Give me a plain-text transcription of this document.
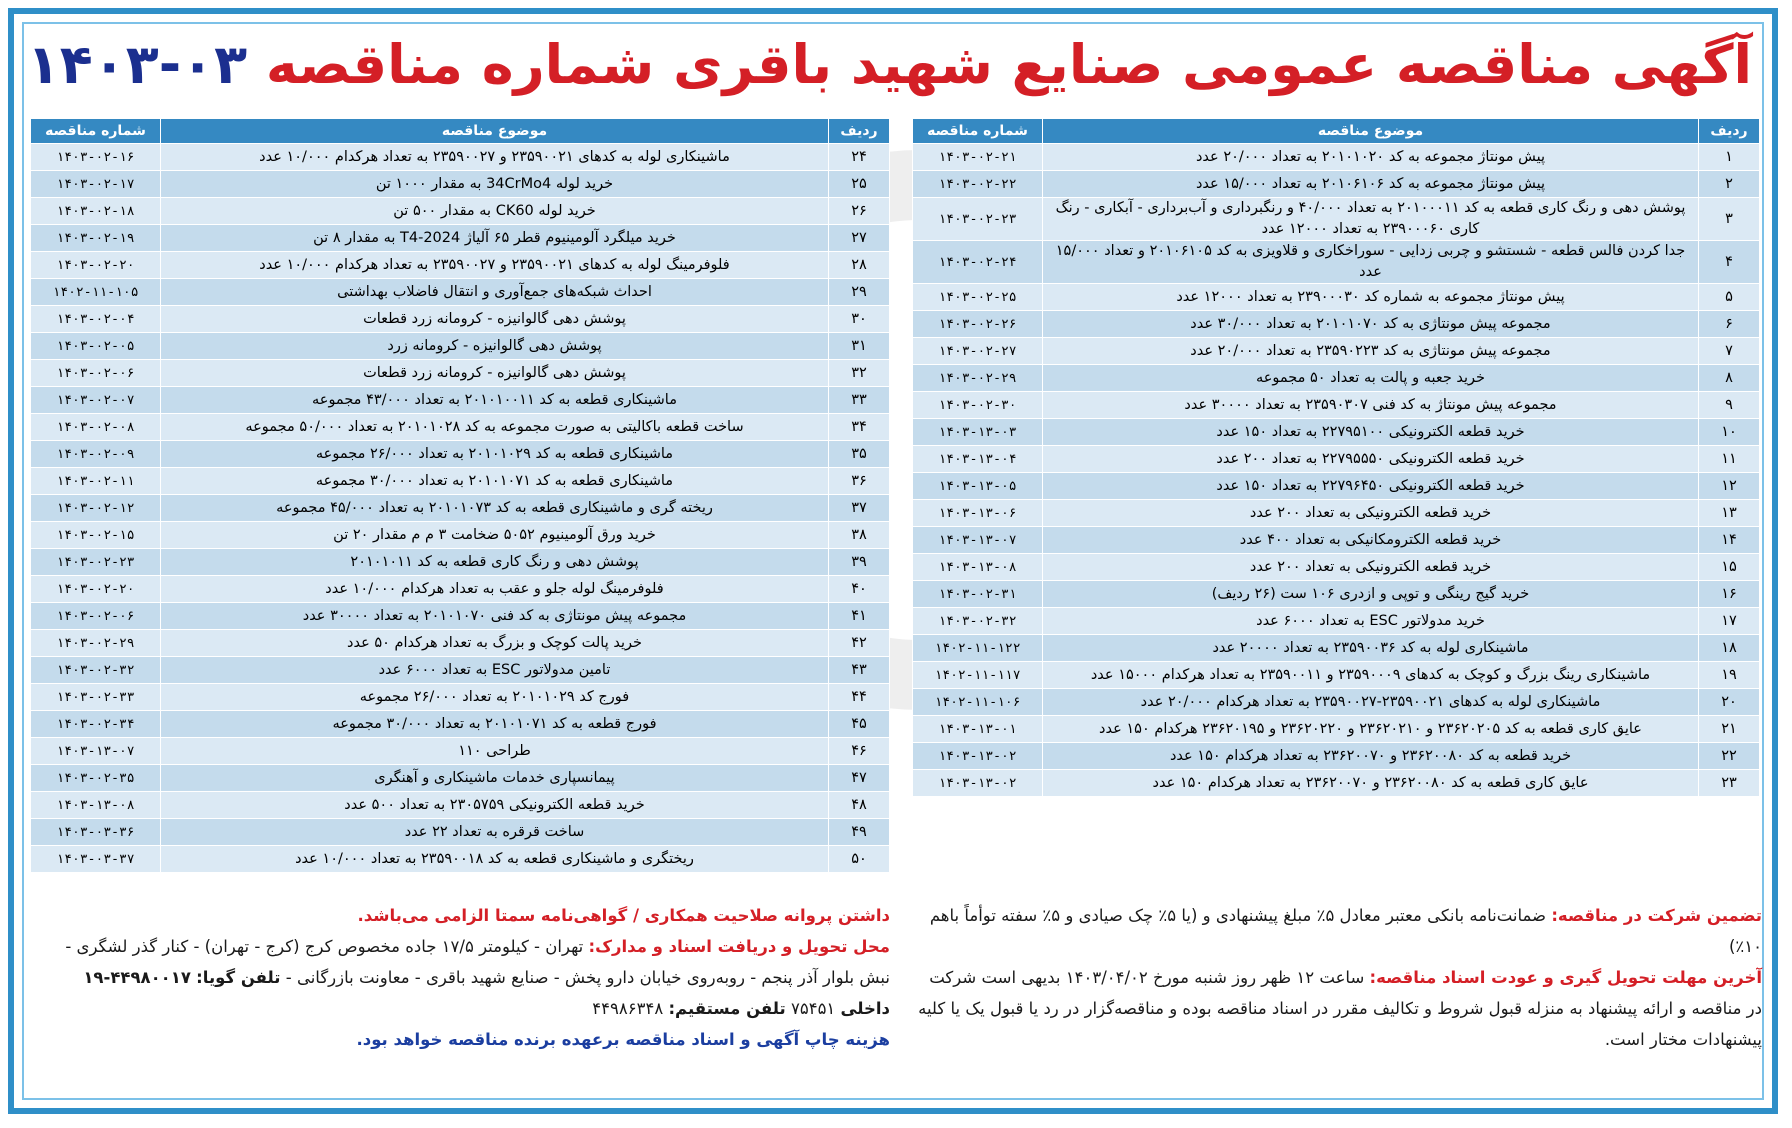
آگهی مناقصه عمومی صنایع شهید باقری شماره مناقصه ۰۳-۱۴۰۳
ردیف	موضوع مناقصه	شماره مناقصه
۱	پیش مونتاژ مجموعه به کد ۲۰۱۰۱۰۲۰ به تعداد ۲۰/۰۰۰ عدد	۱۴۰۳-۰۲-۲۱
۲	پیش مونتاژ مجموعه به کد ۲۰۱۰۶۱۰۶ به تعداد ۱۵/۰۰۰ عدد	۱۴۰۳-۰۲-۲۲
۳	پوشش دهی و رنگ کاری قطعه به کد ۲۰۱۰۰۰۱۱ به تعداد ۴۰/۰۰۰ و رنگبرداری و آب‌برداری - آبکاری - رنگ کاری ۲۳۹۰۰۰۶۰ به تعداد ۱۲۰۰۰ عدد	۱۴۰۳-۰۲-۲۳
۴	جدا کردن فالس قطعه - شستشو و چربی زدایی - سوراخکاری و قلاویزی به کد ۲۰۱۰۶۱۰۵ و تعداد ۱۵/۰۰۰ عدد	۱۴۰۳-۰۲-۲۴
۵	پیش مونتاژ مجموعه به شماره کد ۲۳۹۰۰۰۳۰ به تعداد ۱۲۰۰۰ عدد	۱۴۰۳-۰۲-۲۵
۶	مجموعه پیش مونتاژی به کد ۲۰۱۰۱۰۷۰ به تعداد ۳۰/۰۰۰ عدد	۱۴۰۳-۰۲-۲۶
۷	مجموعه پیش مونتاژی به کد ۲۳۵۹۰۲۲۳ به تعداد ۲۰/۰۰۰ عدد	۱۴۰۳-۰۲-۲۷
۸	خرید جعبه و پالت به تعداد ۵۰ مجموعه	۱۴۰۳-۰۲-۲۹
۹	مجموعه پیش مونتاژ به کد فنی ۲۳۵۹۰۳۰۷ به تعداد ۳۰۰۰۰ عدد	۱۴۰۳-۰۲-۳۰
۱۰	خرید قطعه الکترونیکی ۲۲۷۹۵۱۰۰ به تعداد ۱۵۰ عدد	۱۴۰۳-۱۳-۰۳
۱۱	خرید قطعه الکترونیکی ۲۲۷۹۵۵۵۰ به تعداد ۲۰۰ عدد	۱۴۰۳-۱۳-۰۴
۱۲	خرید قطعه الکترونیکی ۲۲۷۹۶۴۵۰ به تعداد ۱۵۰ عدد	۱۴۰۳-۱۳-۰۵
۱۳	خرید قطعه الکترونیکی به تعداد ۲۰۰ عدد	۱۴۰۳-۱۳-۰۶
۱۴	خرید قطعه الکترومکانیکی به تعداد ۴۰۰ عدد	۱۴۰۳-۱۳-۰۷
۱۵	خرید قطعه الکترونیکی به تعداد ۲۰۰ عدد	۱۴۰۳-۱۳-۰۸
۱۶	خرید گیج رینگی و توپی و ازدری ۱۰۶ ست (۲۶ ردیف)	۱۴۰۳-۰۲-۳۱
۱۷	خرید مدولاتور ESC به تعداد ۶۰۰۰ عدد	۱۴۰۳-۰۲-۳۲
۱۸	ماشینکاری لوله به کد ۲۳۵۹۰۰۳۶ به تعداد ۲۰۰۰۰ عدد	۱۴۰۲-۱۱-۱۲۲
۱۹	ماشینکاری رینگ بزرگ و کوچک به کدهای ۲۳۵۹۰۰۰۹ و ۲۳۵۹۰۰۱۱ به تعداد هرکدام ۱۵۰۰۰ عدد	۱۴۰۲-۱۱-۱۱۷
۲۰	ماشینکاری لوله به کدهای ۲۳۵۹۰۰۲۱-۲۳۵۹۰۰۲۷ به تعداد هرکدام ۲۰/۰۰۰ عدد	۱۴۰۲-۱۱-۱۰۶
۲۱	عایق کاری قطعه به کد ۲۳۶۲۰۲۰۵ و ۲۳۶۲۰۲۱۰ و ۲۳۶۲۰۲۲۰ و ۲۳۶۲۰۱۹۵ هرکدام ۱۵۰ عدد	۱۴۰۳-۱۳-۰۱
۲۲	خرید قطعه به کد ۲۳۶۲۰۰۸۰ و ۲۳۶۲۰۰۷۰ به تعداد هرکدام ۱۵۰ عدد	۱۴۰۳-۱۳-۰۲
۲۳	عایق کاری قطعه به کد ۲۳۶۲۰۰۸۰ و ۲۳۶۲۰۰۷۰ به تعداد هرکدام ۱۵۰ عدد	۱۴۰۳-۱۳-۰۲
ردیف	موضوع مناقصه	شماره مناقصه
۲۴	ماشینکاری لوله به کدهای ۲۳۵۹۰۰۲۱ و ۲۳۵۹۰۰۲۷ به تعداد هرکدام ۱۰/۰۰۰ عدد	۱۴۰۳-۰۲-۱۶
۲۵	خرید لوله 34CrMo4 به مقدار ۱۰۰۰ تن	۱۴۰۳-۰۲-۱۷
۲۶	خرید لوله CK60 به مقدار ۵۰۰ تن	۱۴۰۳-۰۲-۱۸
۲۷	خرید میلگرد آلومینیوم قطر ۶۵ آلیاژ 2024-T4 به مقدار ۸ تن	۱۴۰۳-۰۲-۱۹
۲۸	فلوفرمینگ لوله به کدهای ۲۳۵۹۰۰۲۱ و ۲۳۵۹۰۰۲۷ به تعداد هرکدام ۱۰/۰۰۰ عدد	۱۴۰۳-۰۲-۲۰
۲۹	احداث شبکه‌های جمع‌آوری و انتقال فاضلاب بهداشتی	۱۴۰۲-۱۱-۱۰۵
۳۰	پوشش دهی گالوانیزه - کرومانه زرد قطعات	۱۴۰۳-۰۲-۰۴
۳۱	پوشش دهی گالوانیزه - کرومانه زرد	۱۴۰۳-۰۲-۰۵
۳۲	پوشش دهی گالوانیزه - کرومانه زرد قطعات	۱۴۰۳-۰۲-۰۶
۳۳	ماشینکاری قطعه به کد ۲۰۱۰۱۰۰۱۱ به تعداد ۴۳/۰۰۰ مجموعه	۱۴۰۳-۰۲-۰۷
۳۴	ساخت قطعه باکالیتی به صورت مجموعه به کد ۲۰۱۰۱۰۲۸ به تعداد ۵۰/۰۰۰ مجموعه	۱۴۰۳-۰۲-۰۸
۳۵	ماشینکاری قطعه به کد ۲۰۱۰۱۰۲۹ به تعداد ۲۶/۰۰۰ مجموعه	۱۴۰۳-۰۲-۰۹
۳۶	ماشینکاری قطعه به کد ۲۰۱۰۱۰۷۱ به تعداد ۳۰/۰۰۰ مجموعه	۱۴۰۳-۰۲-۱۱
۳۷	ریخته گری و ماشینکاری قطعه به کد ۲۰۱۰۱۰۷۳ به تعداد ۴۵/۰۰۰ مجموعه	۱۴۰۳-۰۲-۱۲
۳۸	خرید ورق آلومینیوم ۵۰۵۲ ضخامت ۳ م م مقدار ۲۰ تن	۱۴۰۳-۰۲-۱۵
۳۹	پوشش دهی و رنگ کاری قطعه به کد ۲۰۱۰۱۰۱۱	۱۴۰۳-۰۲-۲۳
۴۰	فلوفرمینگ لوله جلو و عقب به تعداد هرکدام ۱۰/۰۰۰ عدد	۱۴۰۳-۰۲-۲۰
۴۱	مجموعه پیش مونتاژی به کد فنی ۲۰۱۰۱۰۷۰ به تعداد ۳۰۰۰۰ عدد	۱۴۰۳-۰۲-۰۶
۴۲	خرید پالت کوچک و بزرگ به تعداد هرکدام ۵۰ عدد	۱۴۰۳-۰۲-۲۹
۴۳	تامین مدولاتور ESC به تعداد ۶۰۰۰ عدد	۱۴۰۳-۰۲-۳۲
۴۴	فورج کد ۲۰۱۰۱۰۲۹ به تعداد ۲۶/۰۰۰ مجموعه	۱۴۰۳-۰۲-۳۳
۴۵	فورج قطعه به کد ۲۰۱۰۱۰۷۱ به تعداد ۳۰/۰۰۰ مجموعه	۱۴۰۳-۰۲-۳۴
۴۶	طراحی ۱۱۰	۱۴۰۳-۱۳-۰۷
۴۷	پیمانسپاری خدمات ماشینکاری و آهنگری	۱۴۰۳-۰۲-۳۵
۴۸	خرید قطعه الکترونیکی ۲۳۰۵۷۵۹ به تعداد ۵۰۰ عدد	۱۴۰۳-۱۳-۰۸
۴۹	ساخت قرقره به تعداد ۲۲ عدد	۱۴۰۳-۰۳-۳۶
۵۰	ریختگری و ماشینکاری قطعه به کد ۲۳۵۹۰۰۱۸ به تعداد ۱۰/۰۰۰ عدد	۱۴۰۳-۰۳-۳۷
تضمین شرکت در مناقصه: ضمانت‌نامه بانکی معتبر معادل ۵٪ مبلغ پیشنهادی و (یا ۵٪ چک صیادی و ۵٪ سفته توأماً باهم ۱۰٪)
آخرین مهلت تحویل گیری و عودت اسناد مناقصه: ساعت ۱۲ ظهر روز شنبه مورخ ۱۴۰۳/۰۴/۰۲ بدیهی است شرکت در مناقصه و ارائه پیشنهاد به منزله قبول شروط و تکالیف مقرر در اسناد مناقصه بوده و مناقصه‌گزار در رد یا قبول یک یا کلیه پیشنهادات مختار است.
داشتن پروانه صلاحیت همکاری / گواهی‌نامه سمتا الزامی می‌باشد.
محل تحویل و دریافت اسناد و مدارک: تهران - کیلومتر ۱۷/۵ جاده مخصوص کرج (کرج - تهران) - کنار گذر لشگری - نبش بلوار آذر پنجم - روبه‌روی خیابان دارو پخش - صنایع شهید باقری - معاونت بازرگانی - تلفن گویا: ۴۴۹۸۰۰۱۷-۱۹ داخلی ۷۵۴۵۱ تلفن مستقیم: ۴۴۹۸۶۳۴۸
هزینه چاپ آگهی و اسناد مناقصه برعهده برنده مناقصه خواهد بود.
